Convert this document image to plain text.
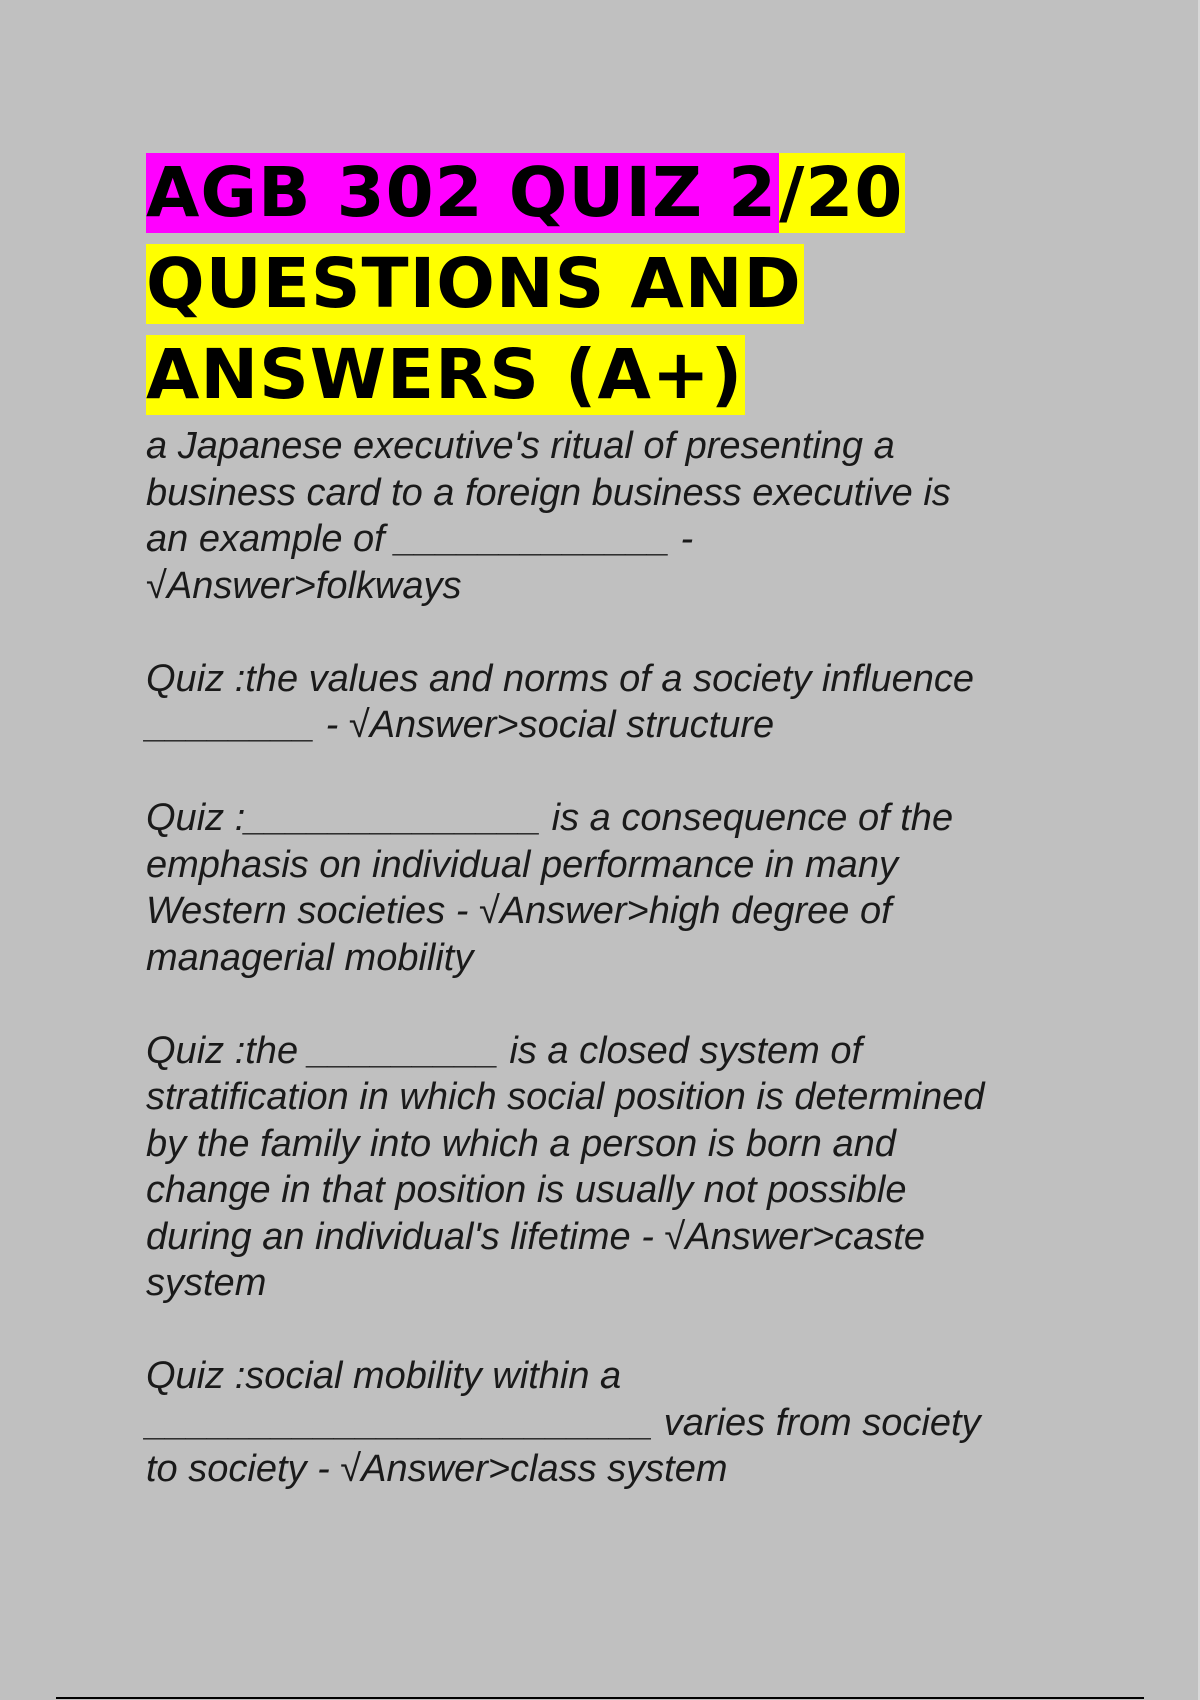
AGB 302 QUIZ 2/20
QUESTIONS AND
ANSWERS (A+)

a Japanese executive's ritual of presenting a
business card to a foreign business executive is
an example of _____________ -
√Answer>folkways

Quiz :the values and norms of a society influence
________ - √Answer>social structure

Quiz :______________ is a consequence of the
emphasis on individual performance in many
Western societies - √Answer>high degree of
managerial mobility

Quiz :the _________ is a closed system of
stratification in which social position is determined
by the family into which a person is born and
change in that position is usually not possible
during an individual's lifetime - √Answer>caste
system

Quiz :social mobility within a
________________________ varies from society
to society - √Answer>class system
